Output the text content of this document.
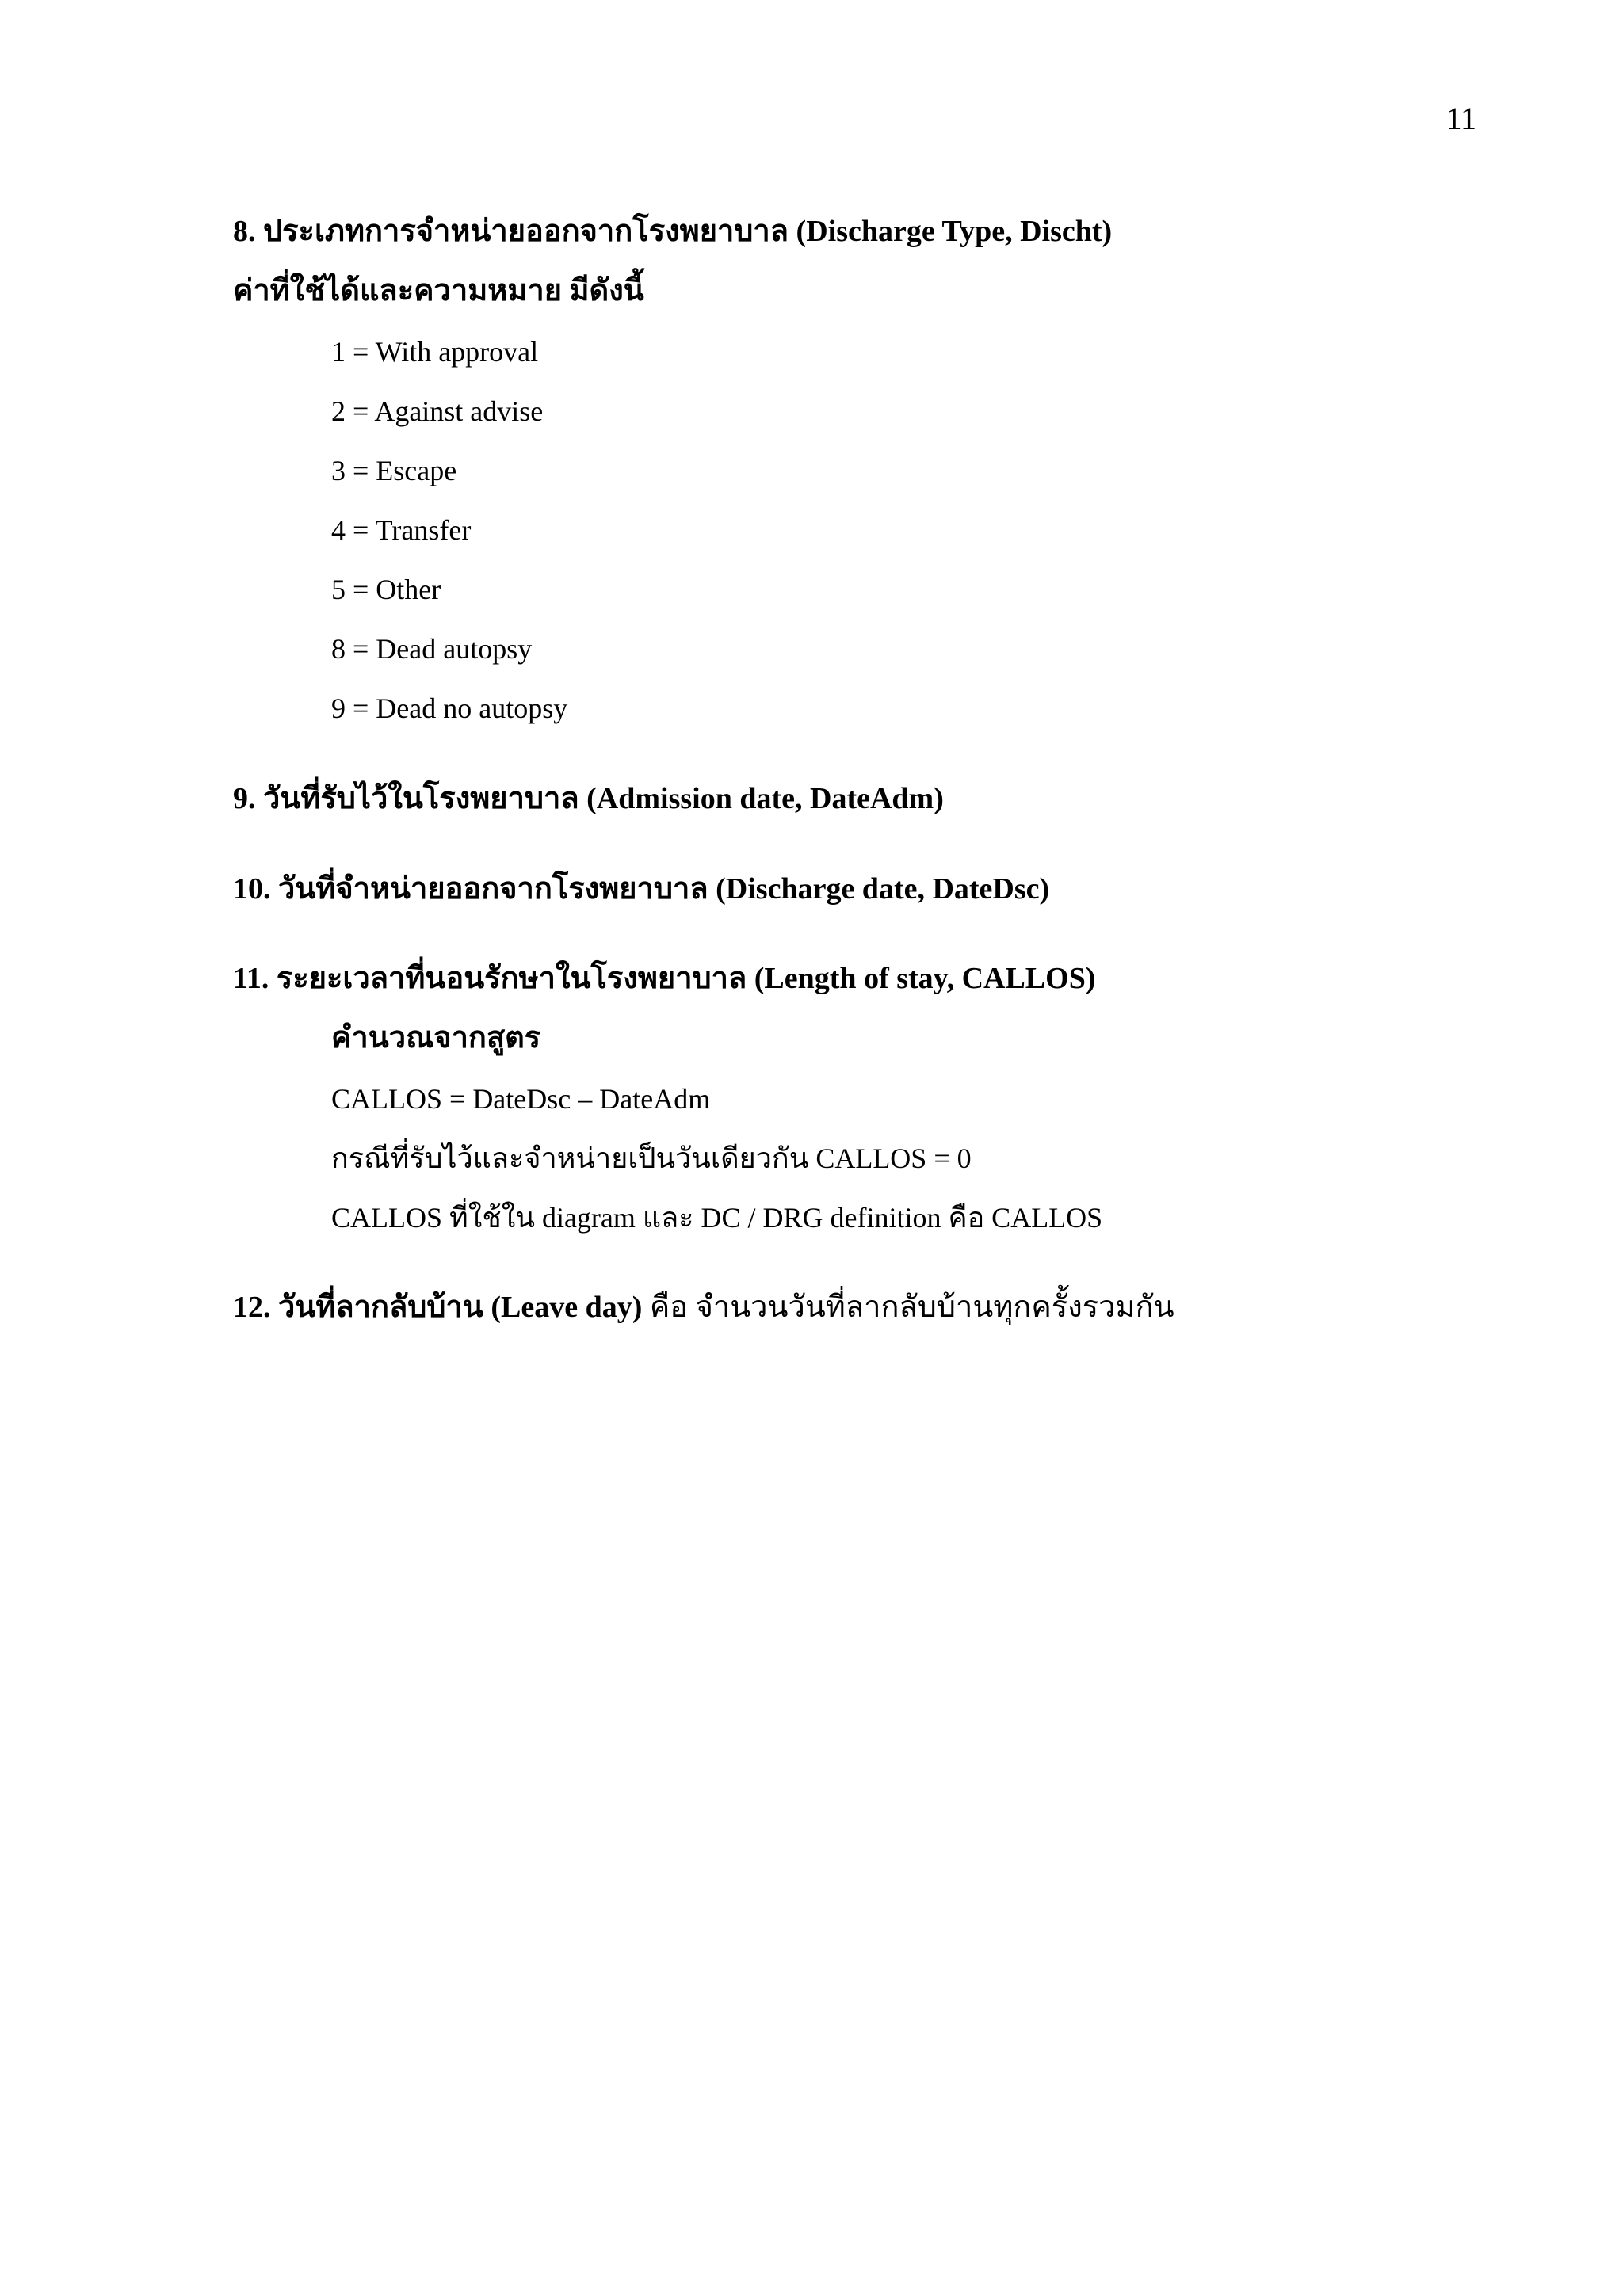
11
8. ประเภทการจำหน่ายออกจากโรงพยาบาล (Discharge Type, Discht)
ค่าที่ใช้ได้และความหมาย มีดังนี้
1 = With approval
2 = Against advise
3 = Escape
4 = Transfer
5 = Other
8 = Dead autopsy
9 = Dead no autopsy
9. วันที่รับไว้ในโรงพยาบาล (Admission date, DateAdm)
10. วันที่จำหน่ายออกจากโรงพยาบาล (Discharge date, DateDsc)
11. ระยะเวลาที่นอนรักษาในโรงพยาบาล (Length of stay, CALLOS)
คำนวณจากสูตร
CALLOS = DateDsc – DateAdm
กรณีที่รับไว้และจำหน่ายเป็นวันเดียวกัน CALLOS = 0
CALLOS ที่ใช้ใน diagram และ DC / DRG definition คือ CALLOS
12. วันที่ลากลับบ้าน (Leave day) คือ จำนวนวันที่ลากลับบ้านทุกครั้งรวมกัน
